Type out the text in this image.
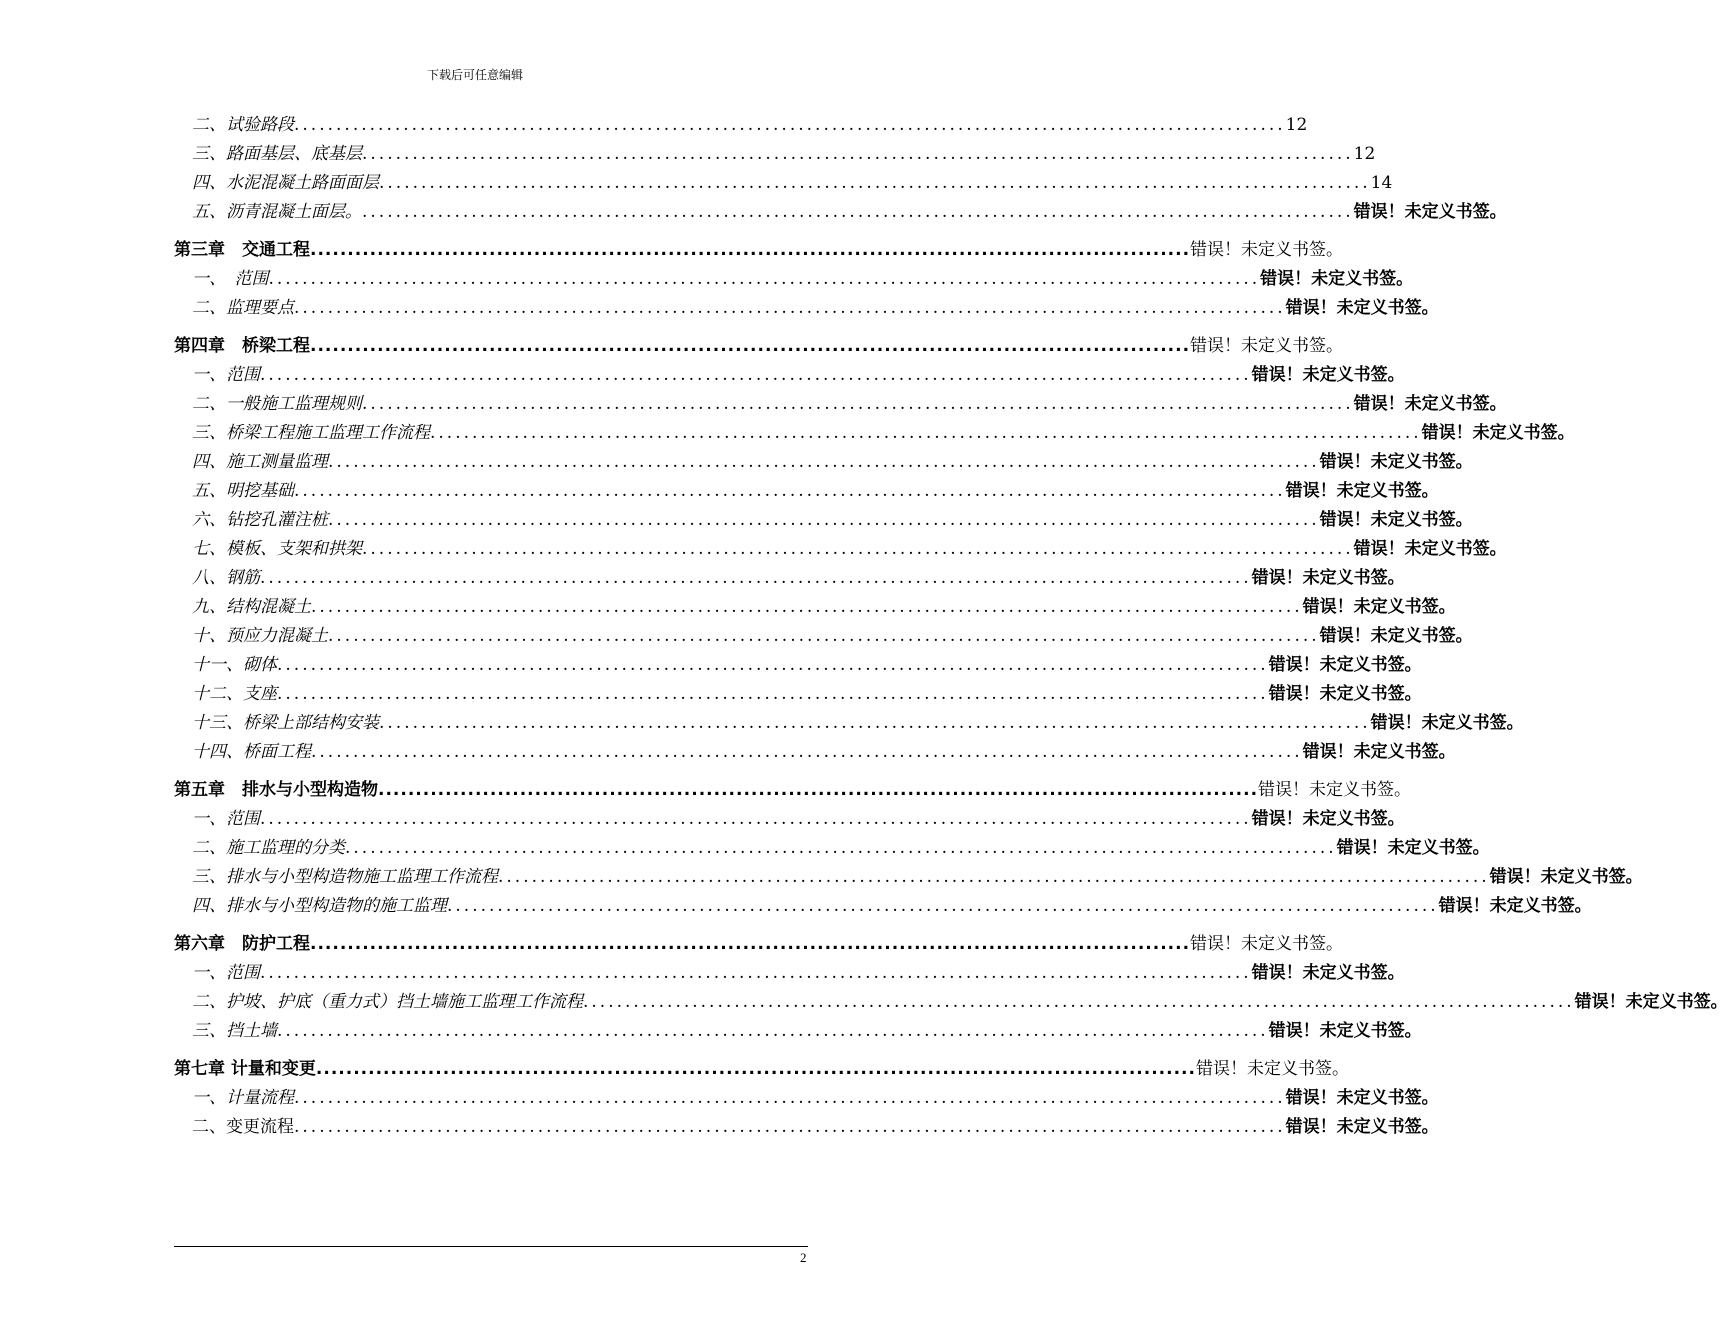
下载后可任意编辑
二、试验路段 ...................................................................................................................... 12
三、路面基层、底基层 ...................................................................................................................... 12
四、水泥混凝土路面面层 ...................................................................................................................... 14
五、沥青混凝土面层。 ...................................................................................................................... 错误！未定义书签。
第三章　交通工程 ...................................................................................................................... 错误！未定义书签。
一、　范围 ...................................................................................................................... 错误！未定义书签。
二、监理要点 ...................................................................................................................... 错误！未定义书签。
第四章　桥梁工程 ...................................................................................................................... 错误！未定义书签。
一、范围 ...................................................................................................................... 错误！未定义书签。
二、一般施工监理规则 ...................................................................................................................... 错误！未定义书签。
三、桥梁工程施工监理工作流程 ...................................................................................................................... 错误！未定义书签。
四、施工测量监理 ...................................................................................................................... 错误！未定义书签。
五、明挖基础 ...................................................................................................................... 错误！未定义书签。
六、钻挖孔灌注桩 ...................................................................................................................... 错误！未定义书签。
七、模板、支架和拱架 ...................................................................................................................... 错误！未定义书签。
八、钢筋 ...................................................................................................................... 错误！未定义书签。
九、结构混凝土 ...................................................................................................................... 错误！未定义书签。
十、预应力混凝土 ...................................................................................................................... 错误！未定义书签。
十一、砌体 ...................................................................................................................... 错误！未定义书签。
十二、支座 ...................................................................................................................... 错误！未定义书签。
十三、桥梁上部结构安装 ...................................................................................................................... 错误！未定义书签。
十四、桥面工程 ...................................................................................................................... 错误！未定义书签。
第五章　排水与小型构造物 ...................................................................................................................... 错误！未定义书签。
一、范围 ...................................................................................................................... 错误！未定义书签。
二、施工监理的分类 ...................................................................................................................... 错误！未定义书签。
三、排水与小型构造物施工监理工作流程 ...................................................................................................................... 错误！未定义书签。
四、排水与小型构造物的施工监理 ...................................................................................................................... 错误！未定义书签。
第六章　防护工程 ...................................................................................................................... 错误！未定义书签。
一、范围 ...................................................................................................................... 错误！未定义书签。
二、护坡、护底（重力式）挡土墙施工监理工作流程 ...................................................................................................................... 错误！未定义书签。
三、挡土墙 ...................................................................................................................... 错误！未定义书签。
第七章 计量和变更 ...................................................................................................................... 错误！未定义书签。
一、计量流程 ...................................................................................................................... 错误！未定义书签。
二、变更流程 ...................................................................................................................... 错误！未定义书签。
2
